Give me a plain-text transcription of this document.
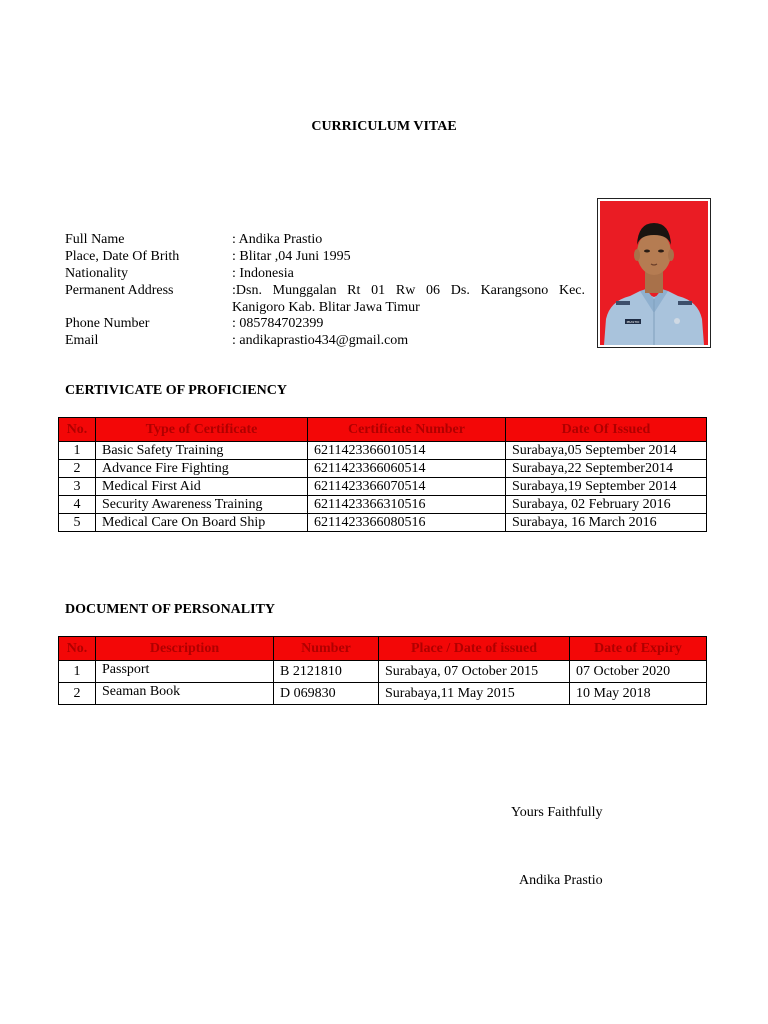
CURRICULUM VITAE
Full Name	: Andika Prastio
Place, Date Of Brith	: Blitar ,04 Juni 1995
Nationality	: Indonesia
Permanent Address	:Dsn. Munggalan Rt 01 Rw 06 Ds. Karangsono Kec.
Kanigoro Kab. Blitar Jawa Timur
Phone Number	: 085784702399
Email	: andikaprastio434@gmail.com
PRASTIO
CERTIVICATE OF PROFICIENCY
No.	Type of Certificate	Certificate Number	Date Of Issued
1	Basic Safety Training	6211423366010514	Surabaya,05 September 2014
2	Advance Fire Fighting	6211423366060514	Surabaya,22 September2014
3	Medical First Aid	6211423366070514	Surabaya,19 September 2014
4	Security Awareness Training	6211423366310516	Surabaya, 02 February 2016
5	Medical Care On Board Ship	6211423366080516	Surabaya, 16 March 2016
DOCUMENT OF PERSONALITY
No.	Description	Number	Place / Date of issued	Date of Expiry
1	Passport	B 2121810	Surabaya, 07 October 2015	07 October 2020
2	Seaman Book	D 069830	Surabaya,11 May 2015	10 May 2018
Yours Faithfully
Andika Prastio
